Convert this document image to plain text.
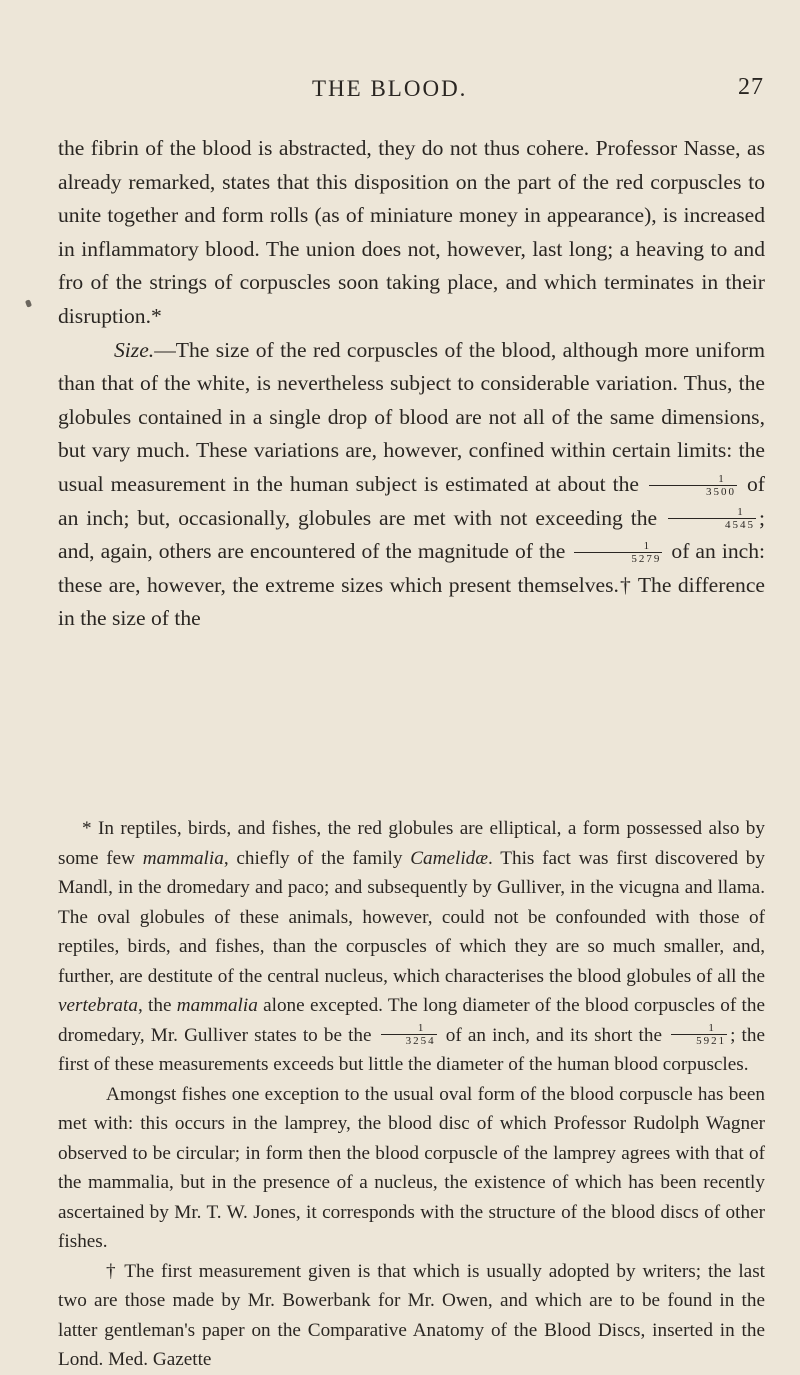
THE BLOOD.	27

the fibrin of the blood is abstracted, they do not thus cohere. Professor Nasse, as already remarked, states that this disposition on the part of the red corpuscles to unite together and form rolls (as of miniature money in appearance), is increased in inflammatory blood. The union does not, however, last long; a heaving to and fro of the strings of corpuscles soon taking place, and which terminates in their disruption.*

Size.—The size of the red corpuscles of the blood, although more uniform than that of the white, is nevertheless subject to considerable variation. Thus, the globules contained in a single drop of blood are not all of the same dimensions, but vary much. These variations are, however, confined within certain limits: the usual measurement in the human subject is estimated at about the $\frac{1}{3500}$ of an inch; but, occasionally, globules are met with not exceeding the $\frac{1}{4545}$ ; and, again, others are encountered of the magnitude of the $\frac{1}{5279}$ of an inch: these are, however, the extreme sizes which present themselves.† The difference in the size of the

* In reptiles, birds, and fishes, the red globules are elliptical, a form possessed also by some few mammalia, chiefly of the family Camelidæ. This fact was first discovered by Mandl, in the dromedary and paco; and subsequently by Gulliver, in the vicugna and llama. The oval globules of these animals, however, could not be confounded with those of reptiles, birds, and fishes, than the corpuscles of which they are so much smaller, and, further, are destitute of the central nucleus, which characterises the blood globules of all the vertebrata, the mammalia alone excepted. The long diameter of the blood corpuscles of the dromedary, Mr. Gulliver states to be the $\frac{1}{3254}$ of an inch, and its short the $\frac{1}{5921}$ ; the first of these measurements exceeds but little the diameter of the human blood corpuscles.

Amongst fishes one exception to the usual oval form of the blood corpuscle has been met with: this occurs in the lamprey, the blood disc of which Professor Rudolph Wagner observed to be circular; in form then the blood corpuscle of the lamprey agrees with that of the mammalia, but in the presence of a nucleus, the existence of which has been recently ascertained by Mr. T. W. Jones, it corresponds with the structure of the blood discs of other fishes.

† The first measurement given is that which is usually adopted by writers; the last two are those made by Mr. Bowerbank for Mr. Owen, and which are to be found in the latter gentleman's paper on the Comparative Anatomy of the Blood Discs, inserted in the Lond. Med. Gazette
